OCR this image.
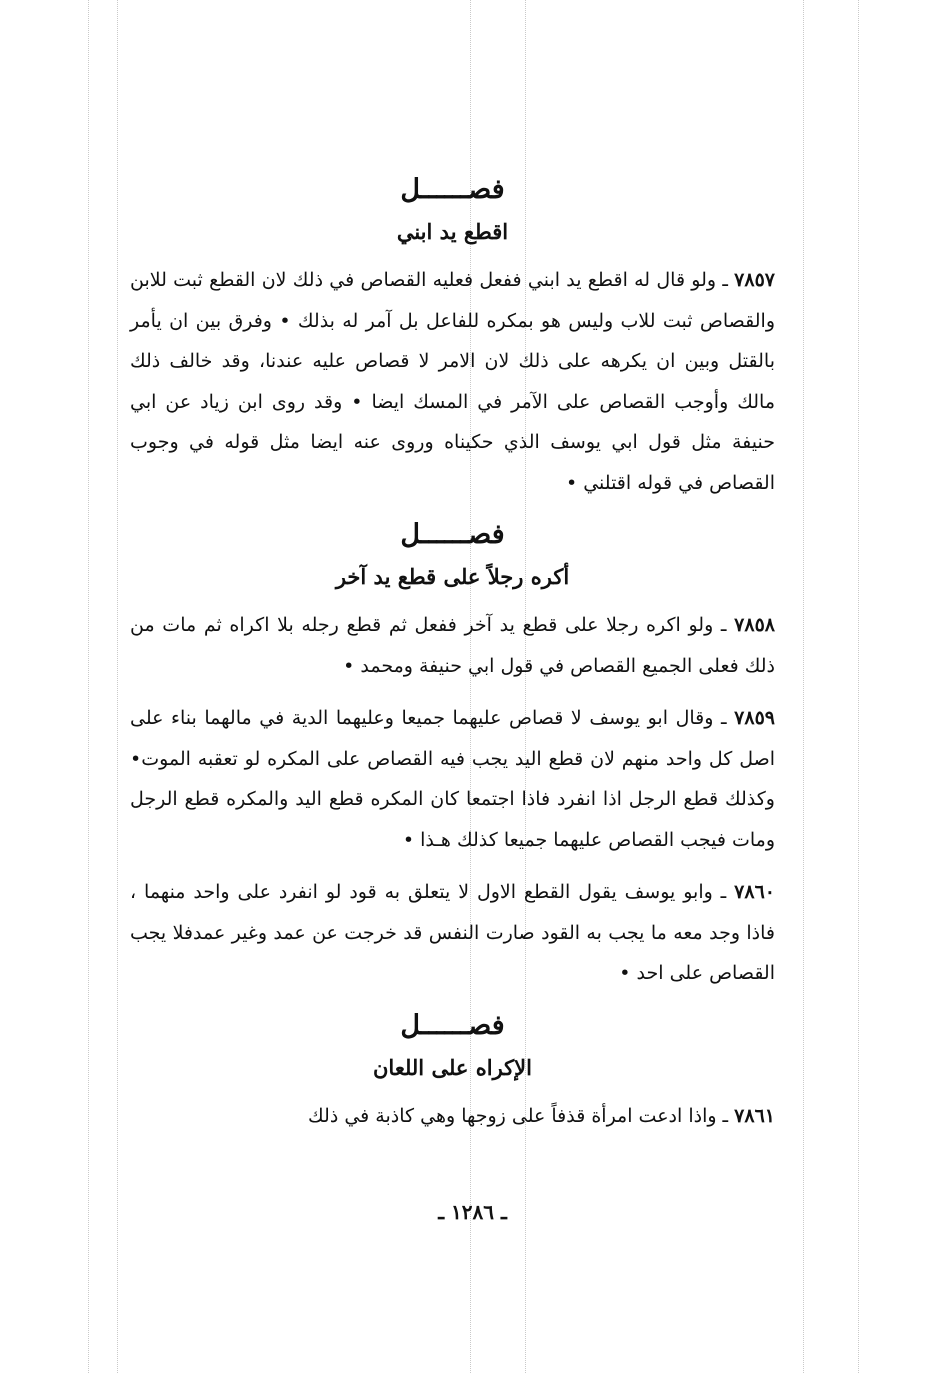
فصــــــل
اقطع يد ابني

٧٨٥٧ ـ ولو قال له اقطع يد ابني ففعل فعليه القصاص في ذلك لان القطع ثبت للابن والقصاص ثبت للاب وليس هو بمكره للفاعل بل آمر له بذلك • وفرق بين ان يأمر بالقتل وبين ان يكرهه على ذلك لان الامر لا قصاص عليه عندنا، وقد خالف ذلك مالك وأوجب القصاص على الآمر في المسك ايضا • وقد روى ابن زياد عن ابي حنيفة مثل قول ابي يوسف الذي حكيناه وروى عنه ايضا مثل قوله في وجوب القصاص في قوله اقتلني •

فصــــــل
أكره رجلاً على قطع يد آخر

٧٨٥٨ ـ ولو اكره رجلا على قطع يد آخر ففعل ثم قطع رجله بلا اكراه ثم مات من ذلك فعلى الجميع القصاص في قول ابي حنيفة ومحمد •

٧٨٥٩ ـ وقال ابو يوسف لا قصاص عليهما جميعا وعليهما الدية في مالهما بناء على اصل كل واحد منهم لان قطع اليد يجب فيه القصاص على المكره لو تعقبه الموت• وكذلك قطع الرجل اذا انفرد فاذا اجتمعا كان المكره قطع اليد والمكره قطع الرجل ومات فيجب القصاص عليهما جميعا كذلك هـذا •

٧٨٦٠ ـ وابو يوسف يقول القطع الاول لا يتعلق به قود لو انفرد على واحد منهما ، فاذا وجد معه ما يجب به القود صارت النفس قد خرجت عن عمد وغير عمدفلا يجب القصاص على احد •

فصــــــل
الإكراه على اللعان

٧٨٦١ ـ واذا ادعت امرأة قذفاً على زوجها وهي كاذبة في ذلك

ـ ١٢٨٦ ـ
